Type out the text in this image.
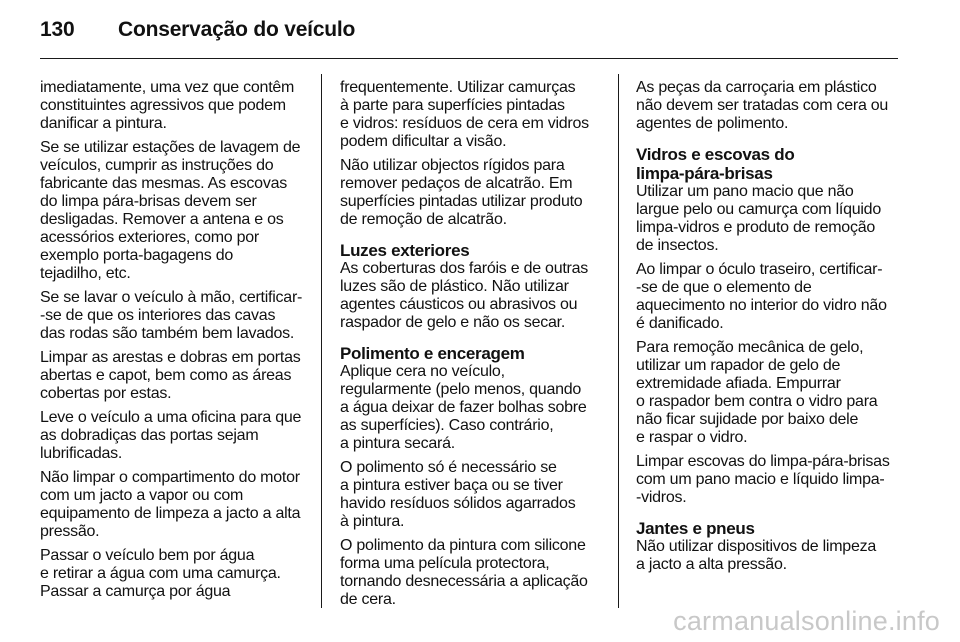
130 Conservação do veículo

imediatamente, uma vez que contêm
constituintes agressivos que podem
danificar a pintura.

Se se utilizar estações de lavagem de
veículos, cumprir as instruções do
fabricante das mesmas. As escovas
do limpa pára-brisas devem ser
desligadas. Remover a antena e os
acessórios exteriores, como por
exemplo porta-bagagens do
tejadilho, etc.

Se se lavar o veículo à mão, certificar-
-se de que os interiores das cavas
das rodas são também bem lavados.

Limpar as arestas e dobras em portas
abertas e capot, bem como as áreas
cobertas por estas.

Leve o veículo a uma oficina para que
as dobradiças das portas sejam
lubrificadas.

Não limpar o compartimento do motor
com um jacto a vapor ou com
equipamento de limpeza a jacto a alta
pressão.

Passar o veículo bem por água
e retirar a água com uma camurça.
Passar a camurça por água

frequentemente. Utilizar camurças
à parte para superfícies pintadas
e vidros: resíduos de cera em vidros
podem dificultar a visão.

Não utilizar objectos rígidos para
remover pedaços de alcatrão. Em
superfícies pintadas utilizar produto
de remoção de alcatrão.

Luzes exteriores

As coberturas dos faróis e de outras
luzes são de plástico. Não utilizar
agentes cáusticos ou abrasivos ou
raspador de gelo e não os secar.

Polimento e enceragem

Aplique cera no veículo,
regularmente (pelo menos, quando
a água deixar de fazer bolhas sobre
as superfícies). Caso contrário,
a pintura secará.

O polimento só é necessário se
a pintura estiver baça ou se tiver
havido resíduos sólidos agarrados
à pintura.

O polimento da pintura com silicone
forma uma película protectora,
tornando desnecessária a aplicação
de cera.

As peças da carroçaria em plástico
não devem ser tratadas com cera ou
agentes de polimento.

Vidros e escovas do
limpa-pára-brisas

Utilizar um pano macio que não
largue pelo ou camurça com líquido
limpa-vidros e produto de remoção
de insectos.

Ao limpar o óculo traseiro, certificar-
-se de que o elemento de
aquecimento no interior do vidro não
é danificado.

Para remoção mecânica de gelo,
utilizar um rapador de gelo de
extremidade afiada. Empurrar
o raspador bem contra o vidro para
não ficar sujidade por baixo dele
e raspar o vidro.

Limpar escovas do limpa-pára-brisas
com um pano macio e líquido limpa-
-vidros.

Jantes e pneus

Não utilizar dispositivos de limpeza
a jacto a alta pressão.

carmanualsonline.info
